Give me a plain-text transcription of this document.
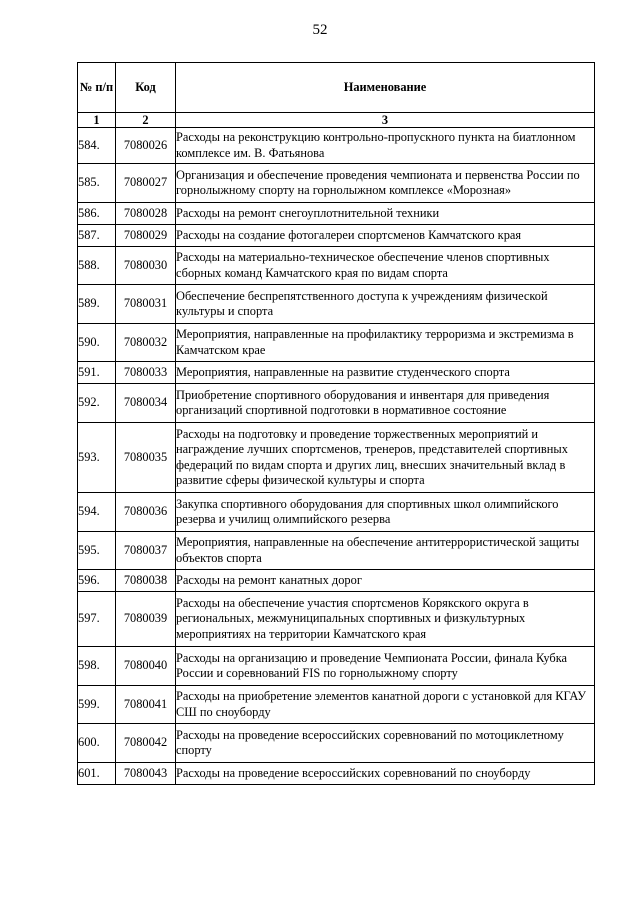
52
№ п/п	Код	Наименование
1	2	3
584.	7080026	Расходы на реконструкцию контрольно-пропускного пункта на биатлонном комплексе им. В. Фатьянова
585.	7080027	Организация и обеспечение проведения чемпионата и первенства России по горнолыжному спорту на горнолыжном комплексе «Морозная»
586.	7080028	Расходы на ремонт снегоуплотнительной техники
587.	7080029	Расходы на создание фотогалереи спортсменов Камчатского края
588.	7080030	Расходы на материально-техническое обеспечение членов спортивных сборных команд Камчатского края по видам спорта
589.	7080031	Обеспечение беспрепятственного доступа к учреждениям физической культуры и спорта
590.	7080032	Мероприятия, направленные на профилактику терроризма и экстремизма в Камчатском крае
591.	7080033	Мероприятия, направленные на развитие студенческого спорта
592.	7080034	Приобретение спортивного оборудования и инвентаря для приведения организаций спортивной подготовки в нормативное состояние
593.	7080035	Расходы на подготовку и проведение торжественных мероприятий и награждение лучших спортсменов, тренеров, представителей спортивных федераций по видам спорта и других лиц, внесших значительный вклад в развитие сферы физической культуры и спорта
594.	7080036	Закупка спортивного оборудования для спортивных школ олимпийского резерва и училищ олимпийского резерва
595.	7080037	Мероприятия, направленные на обеспечение антитеррористической защиты объектов спорта
596.	7080038	Расходы на ремонт канатных дорог
597.	7080039	Расходы на обеспечение участия спортсменов Корякского округа в региональных, межмуниципальных спортивных и физкультурных мероприятиях на территории Камчатского края
598.	7080040	Расходы на организацию и проведение Чемпионата России, финала Кубка России и соревнований FIS по горнолыжному спорту
599.	7080041	Расходы на приобретение элементов канатной дороги с установкой для КГАУ СШ по сноуборду
600.	7080042	Расходы на проведение всероссийских соревнований по мотоциклетному спорту
601.	7080043	Расходы на проведение всероссийских соревнований по сноуборду
